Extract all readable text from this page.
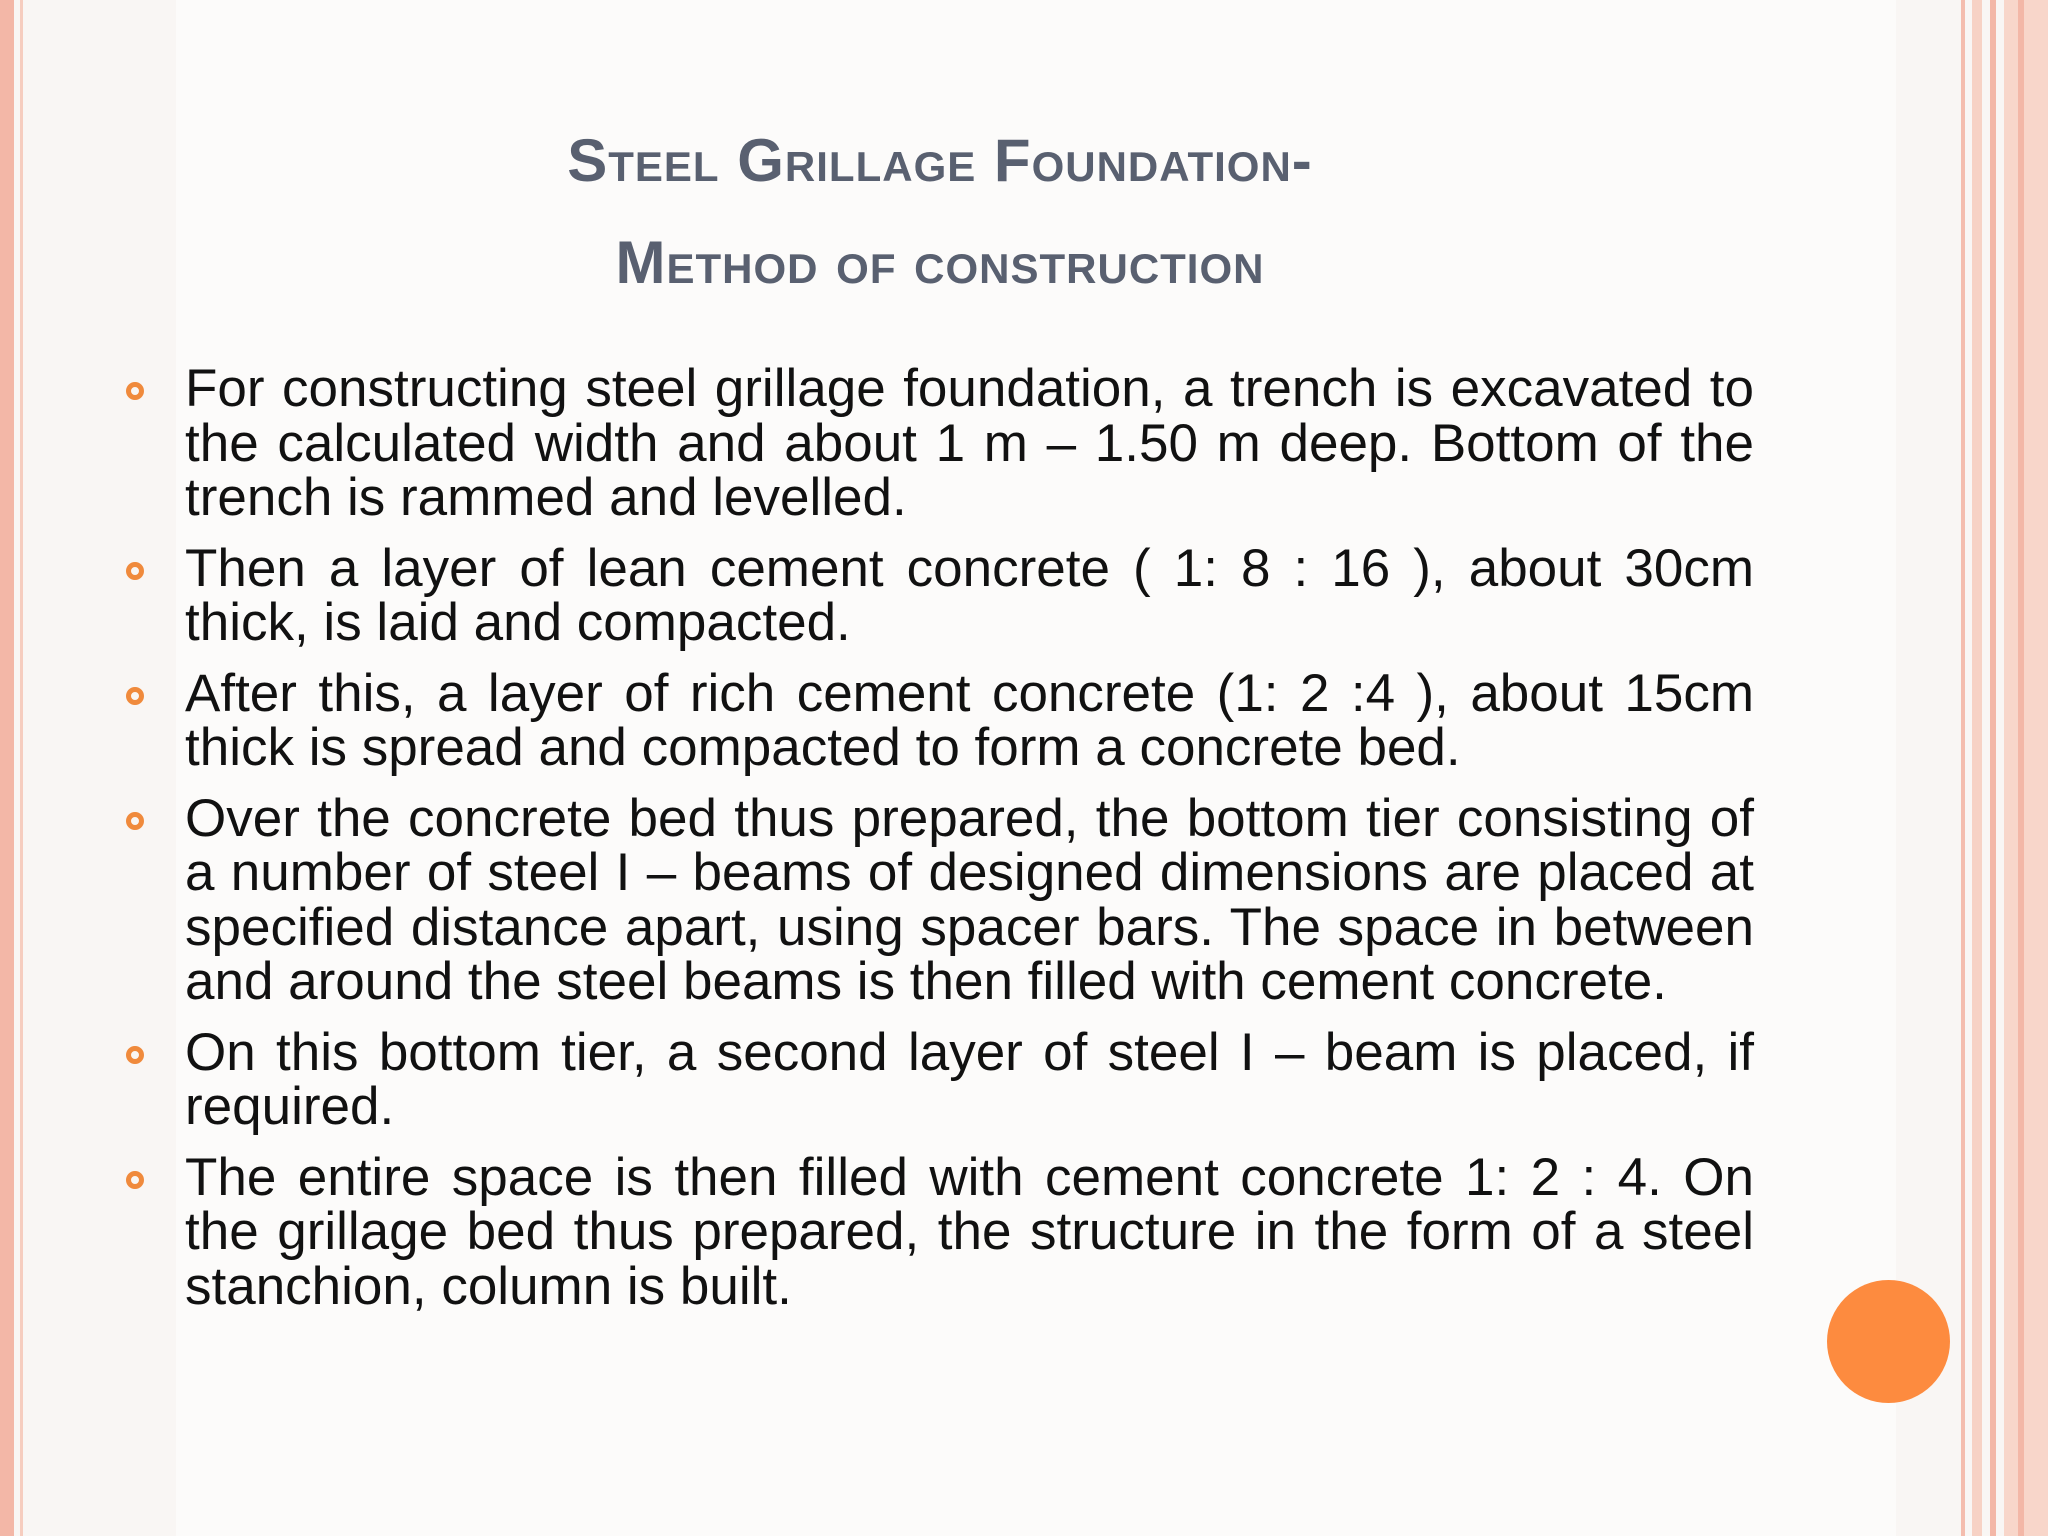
Steel Grillage Foundation-
Method of construction
For constructing steel grillage foundation, a trench is excavated to the calculated width and about 1 m – 1.50 m deep. Bottom of the trench is rammed and levelled.
Then a layer of lean cement concrete ( 1: 8 : 16 ), about 30cm thick, is laid and compacted.
After this, a layer of rich cement concrete (1: 2 :4 ), about 15cm thick is spread and compacted to form a concrete bed.
Over the concrete bed thus prepared, the bottom tier consisting of a number of steel I – beams of designed dimensions are placed at specified distance apart, using spacer bars. The space in between and around the steel beams is then filled with cement concrete.
On this bottom tier, a second layer of steel I – beam is placed, if required.
The entire space is then filled with cement concrete 1: 2 : 4. On the grillage bed thus prepared, the structure in the form of a steel stanchion, column is built.
